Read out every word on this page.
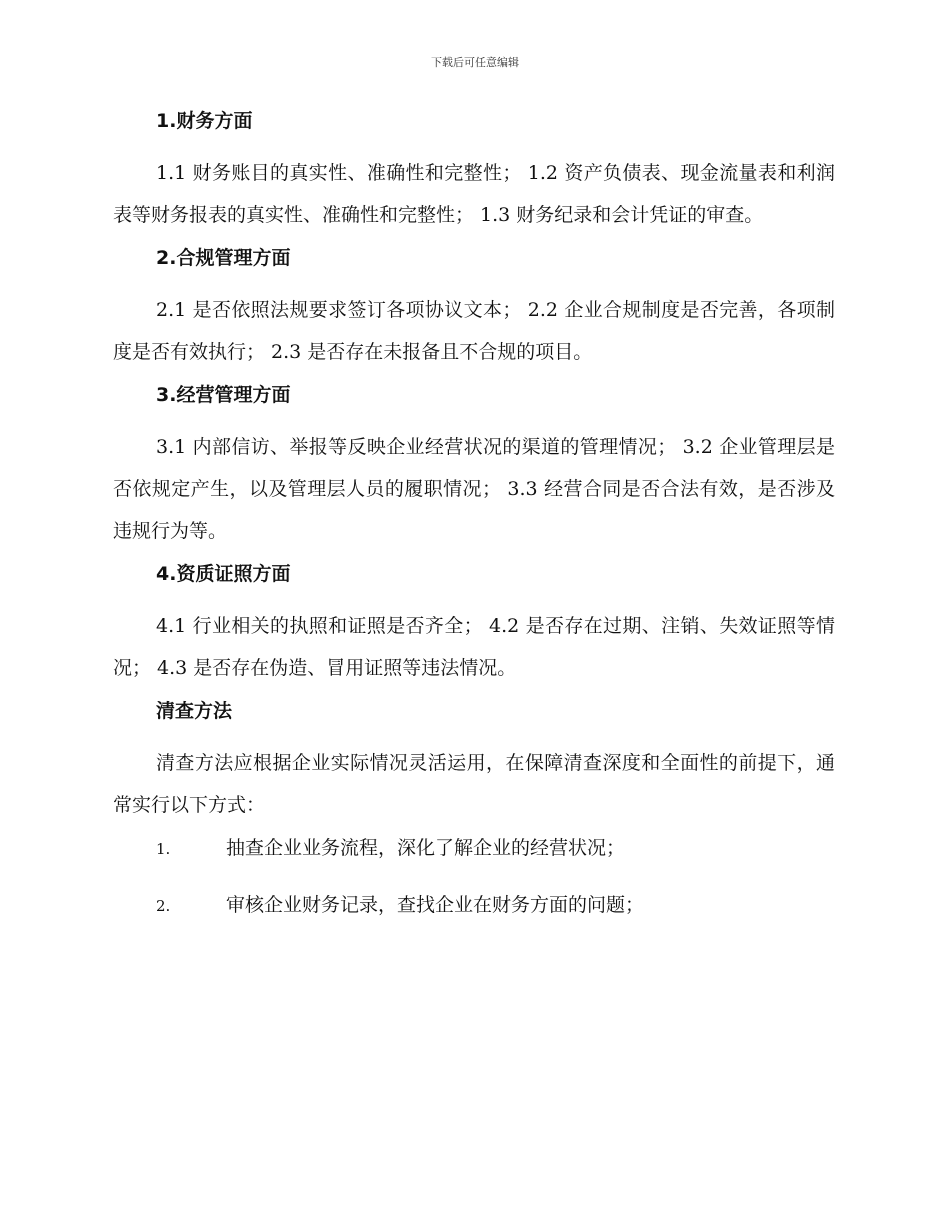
下载后可任意编辑
1.财务方面

1.1 财务账目的真实性、准确性和完整性； 1.2 资产负债表、现金流量表和利润表等财务报表的真实性、准确性和完整性； 1.3 财务纪录和会计凭证的审查。

2.合规管理方面

2.1 是否依照法规要求签订各项协议文本； 2.2 企业合规制度是否完善，各项制度是否有效执行； 2.3 是否存在未报备且不合规的项目。

3.经营管理方面

3.1 内部信访、举报等反映企业经营状况的渠道的管理情况； 3.2 企业管理层是否依规定产生，以及管理层人员的履职情况； 3.3 经营合同是否合法有效，是否涉及违规行为等。

4.资质证照方面

4.1 行业相关的执照和证照是否齐全； 4.2 是否存在过期、注销、失效证照等情况； 4.3 是否存在伪造、冒用证照等违法情况。

清查方法

清查方法应根据企业实际情况灵活运用，在保障清查深度和全面性的前提下，通常实行以下方式：

1.	抽查企业业务流程，深化了解企业的经营状况；
2.	审核企业财务记录，查找企业在财务方面的问题；
